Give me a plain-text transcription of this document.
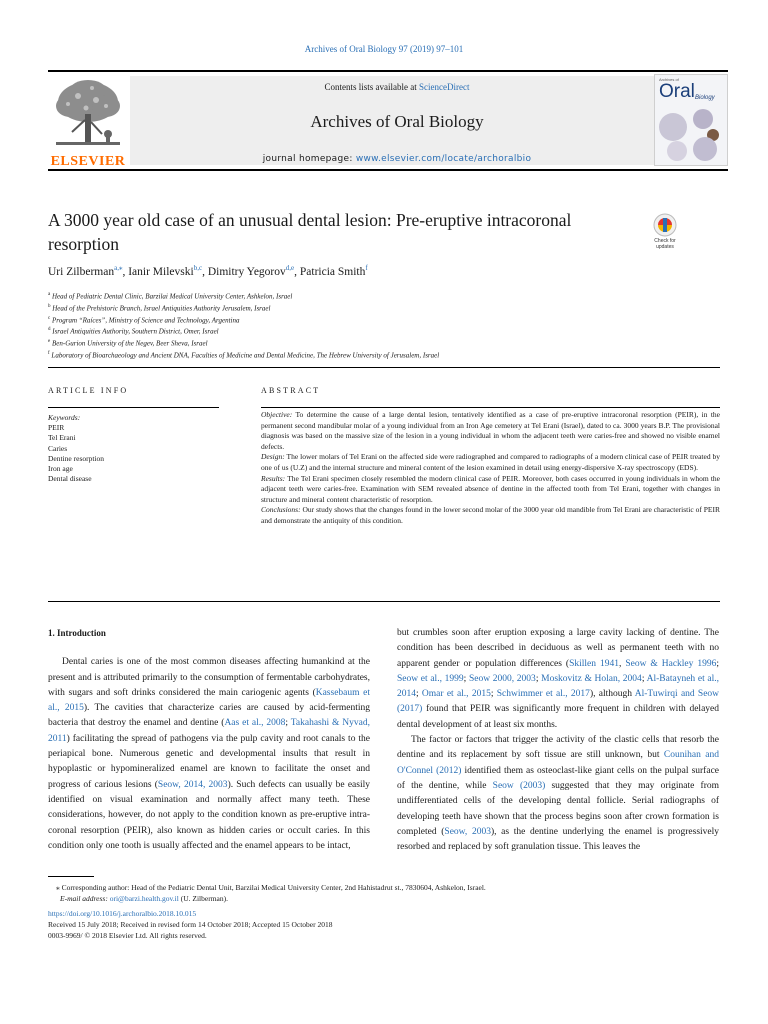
Archives of Oral Biology 97 (2019) 97–101
ELSEVIER
Contents lists available at ScienceDirect
Archives of Oral Biology
journal homepage: www.elsevier.com/locate/archoralbio
Archives of
Oral Biology
A 3000 year old case of an unusual dental lesion: Pre-eruptive intracoronal resorption	Check for updates
Uri Zilberman$^{a,⁎}$, Ianir Milevski$^{b,c}$, Dimitry Yegorov$^{d,e}$, Patricia Smith$^f$
$^a$ Head of Pediatric Dental Clinic, Barzilai Medical University Center, Ashkelon, Israel
$^b$ Head of the Prehistoric Branch, Israel Antiquities Authority Jerusalem, Israel
$^c$ Program “Raíces”, Ministry of Science and Technology, Argentina
$^d$ Israel Antiquities Authority, Southern District, Omer, Israel
$^e$ Ben-Gurion University of the Negev, Beer Sheva, Israel
$^f$ Laboratory of Bioarchaeology and Ancient DNA, Faculties of Medicine and Dental Medicine, The Hebrew University of Jerusalem, Israel
ARTICLE INFO	ABSTRACT
Keywords:
PEIR
Tel Erani
Caries
Dentine resorption
Iron age
Dental disease

Objective: To determine the cause of a large dental lesion, tentatively identified as a case of pre-eruptive intracoronal resorption (PEIR), in the permanent second mandibular molar of a young individual from an Iron Age cemetery at Tel Erani (Israel), dated to ca. 3000 years B.P. The provisional diagnosis was based on the massive size of the lesion in a young individual in whom the adjacent teeth were caries-free and showed no visible enamel defects.

Design: The lower molars of Tel Erani on the affected side were radiographed and compared to radiographs of a modern clinical case of PEIR treated by one of us (U.Z) and the internal structure and mineral content of the lesion examined in detail using energy-dispersive X-ray spectroscopy (EDS).

Results: The Tel Erani specimen closely resembled the modern clinical case of PEIR. Moreover, both cases occurred in young individuals in whom the adjacent teeth were caries-free. Examination with SEM revealed absence of dentine in the affected tooth from Tel Erani, together with changes in structure and mineral content characteristic of resorption.

Conclusions: Our study shows that the changes found in the lower second molar of the 3000 year old mandible from Tel Erani are characteristic of PEIR and demonstrate the antiquity of this condition.

1. Introduction

Dental caries is one of the most common diseases affecting humankind at the present and is attributed primarily to the consumption of fermentable carbohydrates, with sugars and soft drinks considered the main cariogenic agents (Kassebaum et al., 2015). The cavities that characterize caries are caused by acid-fermenting bacteria that destroy the enamel and dentine (Aas et al., 2008; Takahashi & Nyvad, 2011) facilitating the spread of pathogens via the pulp cavity and root canals to the periapical bone. Numerous genetic and developmental insults that result in hypoplastic or hypomineralized enamel are known to facilitate the onset and progress of carious lesions (Seow, 2014, 2003). Such defects can usually be easily identified on visual examination and normally affect many teeth. These considerations, however, do not apply to the condition known as pre-eruptive intra-coronal resorption (PEIR), also known as hidden caries or occult caries. In this condition only one tooth is usually affected and the enamel appears to be intact,

but crumbles soon after eruption exposing a large cavity lacking of dentine. The condition has been described in deciduous as well as permanent teeth with no apparent gender or population differences (Skillen 1941, Seow & Hackley 1996; Seow et al., 1999; Seow 2000, 2003; Moskovitz & Holan, 2004; Al-Batayneh et al., 2014; Omar et al., 2015; Schwimmer et al., 2017), although Al-Tuwirqi and Seow (2017) found that PEIR was significantly more frequent in children with delayed dental development of at least six months.

The factor or factors that trigger the activity of the clastic cells that resorb the dentine and its replacement by soft tissue are still unknown, but Counihan and O'Connel (2012) identified them as osteoclast-like giant cells on the pulpal surface of the dentine, while Seow (2003) suggested that they may originate from undifferentiated cells of the developing dental follicle. Serial radiographs of developing teeth have shown that the process begins soon after crown formation is completed (Seow, 2003), as the dentine underlying the enamel is progressively resorbed and replaced by soft granulation tissue. This leaves the

⁎ Corresponding author: Head of the Pediatric Dental Unit, Barzilai Medical University Center, 2nd Hahistadrut st., 7830604, Ashkelon, Israel.
E-mail address: ori@barzi.health.gov.il (U. Zilberman).
https://doi.org/10.1016/j.archoralbio.2018.10.015
Received 15 July 2018; Received in revised form 14 October 2018; Accepted 15 October 2018
0003-9969/ © 2018 Elsevier Ltd. All rights reserved.
